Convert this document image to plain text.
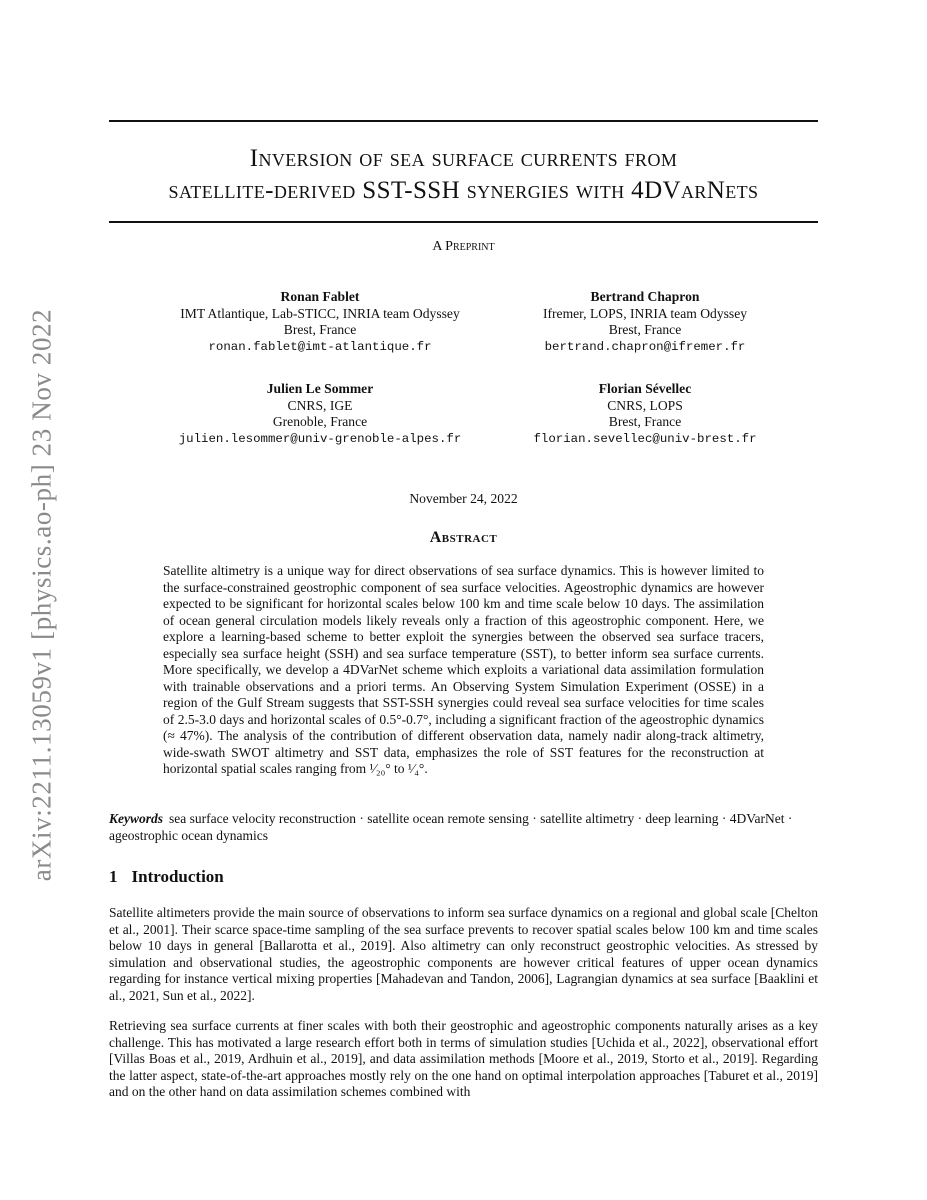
arXiv:2211.13059v1 [physics.ao-ph] 23 Nov 2022
Inversion of sea surface currents from
satellite-derived SST-SSH synergies with 4DVarNets
A Preprint
Ronan Fablet
IMT Atlantique, Lab-STICC, INRIA team Odyssey
Brest, France
ronan.fablet@imt-atlantique.fr
Bertrand Chapron
Ifremer, LOPS, INRIA team Odyssey
Brest, France
bertrand.chapron@ifremer.fr
Julien Le Sommer
CNRS, IGE
Grenoble, France
julien.lesommer@univ-grenoble-alpes.fr
Florian Sévellec
CNRS, LOPS
Brest, France
florian.sevellec@univ-brest.fr
November 24, 2022
Abstract
Satellite altimetry is a unique way for direct observations of sea surface dynamics. This is however limited to the surface-constrained geostrophic component of sea surface velocities. Ageostrophic dynamics are however expected to be significant for horizontal scales below 100 km and time scale below 10 days. The assimilation of ocean general circulation models likely reveals only a fraction of this ageostrophic component. Here, we explore a learning-based scheme to better exploit the synergies between the observed sea surface tracers, especially sea surface height (SSH) and sea surface temperature (SST), to better inform sea surface currents. More specifically, we develop a 4DVarNet scheme which exploits a variational data assimilation formulation with trainable observations and a priori terms. An Observing System Simulation Experiment (OSSE) in a region of the Gulf Stream suggests that SST-SSH synergies could reveal sea surface velocities for time scales of 2.5-3.0 days and horizontal scales of 0.5°-0.7°, including a significant fraction of the ageostrophic dynamics (≈ 47%). The analysis of the contribution of different observation data, namely nadir along-track altimetry, wide-swath SWOT altimetry and SST data, emphasizes the role of SST features for the reconstruction at horizontal spatial scales ranging from ¹⁄₂₀° to ¹⁄₄°.
Keywords sea surface velocity reconstruction · satellite ocean remote sensing · satellite altimetry · deep learning · 4DVarNet · ageostrophic ocean dynamics
1 Introduction
Satellite altimeters provide the main source of observations to inform sea surface dynamics on a regional and global scale [Chelton et al., 2001]. Their scarce space-time sampling of the sea surface prevents to recover spatial scales below 100 km and time scales below 10 days in general [Ballarotta et al., 2019]. Also altimetry can only reconstruct geostrophic velocities. As stressed by simulation and observational studies, the ageostrophic components are however critical features of upper ocean dynamics regarding for instance vertical mixing properties [Mahadevan and Tandon, 2006], Lagrangian dynamics at sea surface [Baaklini et al., 2021, Sun et al., 2022].
Retrieving sea surface currents at finer scales with both their geostrophic and ageostrophic components naturally arises as a key challenge. This has motivated a large research effort both in terms of simulation studies [Uchida et al., 2022], observational effort [Villas Boas et al., 2019, Ardhuin et al., 2019], and data assimilation methods [Moore et al., 2019, Storto et al., 2019]. Regarding the latter aspect, state-of-the-art approaches mostly rely on the one hand on optimal interpolation approaches [Taburet et al., 2019] and on the other hand on data assimilation schemes combined with
